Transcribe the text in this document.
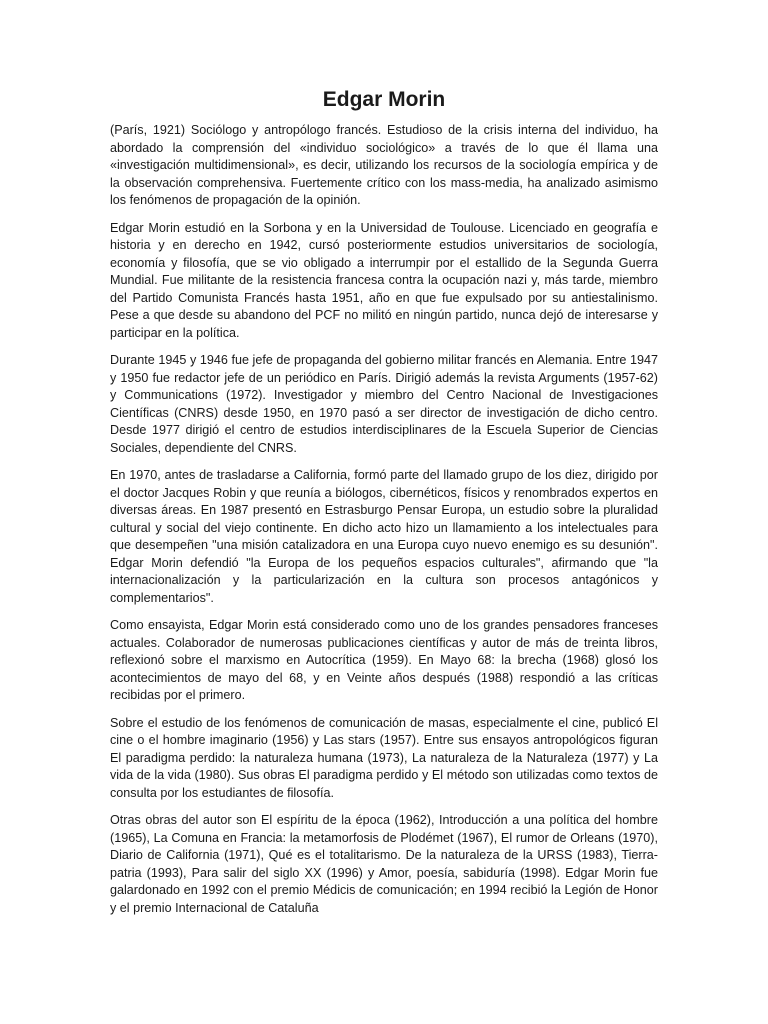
Edgar Morin

(París, 1921) Sociólogo y antropólogo francés. Estudioso de la crisis interna del individuo, ha abordado la comprensión del «individuo sociológico» a través de lo que él llama una «investigación multidimensional», es decir, utilizando los recursos de la sociología empírica y de la observación comprehensiva. Fuertemente crítico con los mass-media, ha analizado asimismo los fenómenos de propagación de la opinión.

Edgar Morin estudió en la Sorbona y en la Universidad de Toulouse. Licenciado en geografía e historia y en derecho en 1942, cursó posteriormente estudios universitarios de sociología, economía y filosofía, que se vio obligado a interrumpir por el estallido de la Segunda Guerra Mundial. Fue militante de la resistencia francesa contra la ocupación nazi y, más tarde, miembro del Partido Comunista Francés hasta 1951, año en que fue expulsado por su antiestalinismo. Pese a que desde su abandono del PCF no militó en ningún partido, nunca dejó de interesarse y participar en la política.

Durante 1945 y 1946 fue jefe de propaganda del gobierno militar francés en Alemania. Entre 1947 y 1950 fue redactor jefe de un periódico en París. Dirigió además la revista Arguments (1957-62) y Communications (1972). Investigador y miembro del Centro Nacional de Investigaciones Científicas (CNRS) desde 1950, en 1970 pasó a ser director de investigación de dicho centro. Desde 1977 dirigió el centro de estudios interdisciplinares de la Escuela Superior de Ciencias Sociales, dependiente del CNRS.

En 1970, antes de trasladarse a California, formó parte del llamado grupo de los diez, dirigido por el doctor Jacques Robin y que reunía a biólogos, cibernéticos, físicos y renombrados expertos en diversas áreas. En 1987 presentó en Estrasburgo Pensar Europa, un estudio sobre la pluralidad cultural y social del viejo continente. En dicho acto hizo un llamamiento a los intelectuales para que desempeñen "una misión catalizadora en una Europa cuyo nuevo enemigo es su desunión". Edgar Morin defendió "la Europa de los pequeños espacios culturales", afirmando que "la internacionalización y la particularización en la cultura son procesos antagónicos y complementarios".

Como ensayista, Edgar Morin está considerado como uno de los grandes pensadores franceses actuales. Colaborador de numerosas publicaciones científicas y autor de más de treinta libros, reflexionó sobre el marxismo en Autocrítica (1959). En Mayo 68: la brecha (1968) glosó los acontecimientos de mayo del 68, y en Veinte años después (1988) respondió a las críticas recibidas por el primero.

Sobre el estudio de los fenómenos de comunicación de masas, especialmente el cine, publicó El cine o el hombre imaginario (1956) y Las stars (1957). Entre sus ensayos antropológicos figuran El paradigma perdido: la naturaleza humana (1973), La naturaleza de la Naturaleza (1977) y La vida de la vida (1980). Sus obras El paradigma perdido y El método son utilizadas como textos de consulta por los estudiantes de filosofía.

Otras obras del autor son El espíritu de la época (1962), Introducción a una política del hombre (1965), La Comuna en Francia: la metamorfosis de Plodémet (1967), El rumor de Orleans (1970), Diario de California (1971), Qué es el totalitarismo. De la naturaleza de la URSS (1983), Tierra-patria (1993), Para salir del siglo XX (1996) y Amor, poesía, sabiduría (1998). Edgar Morin fue galardonado en 1992 con el premio Médicis de comunicación; en 1994 recibió la Legión de Honor y el premio Internacional de Cataluña
